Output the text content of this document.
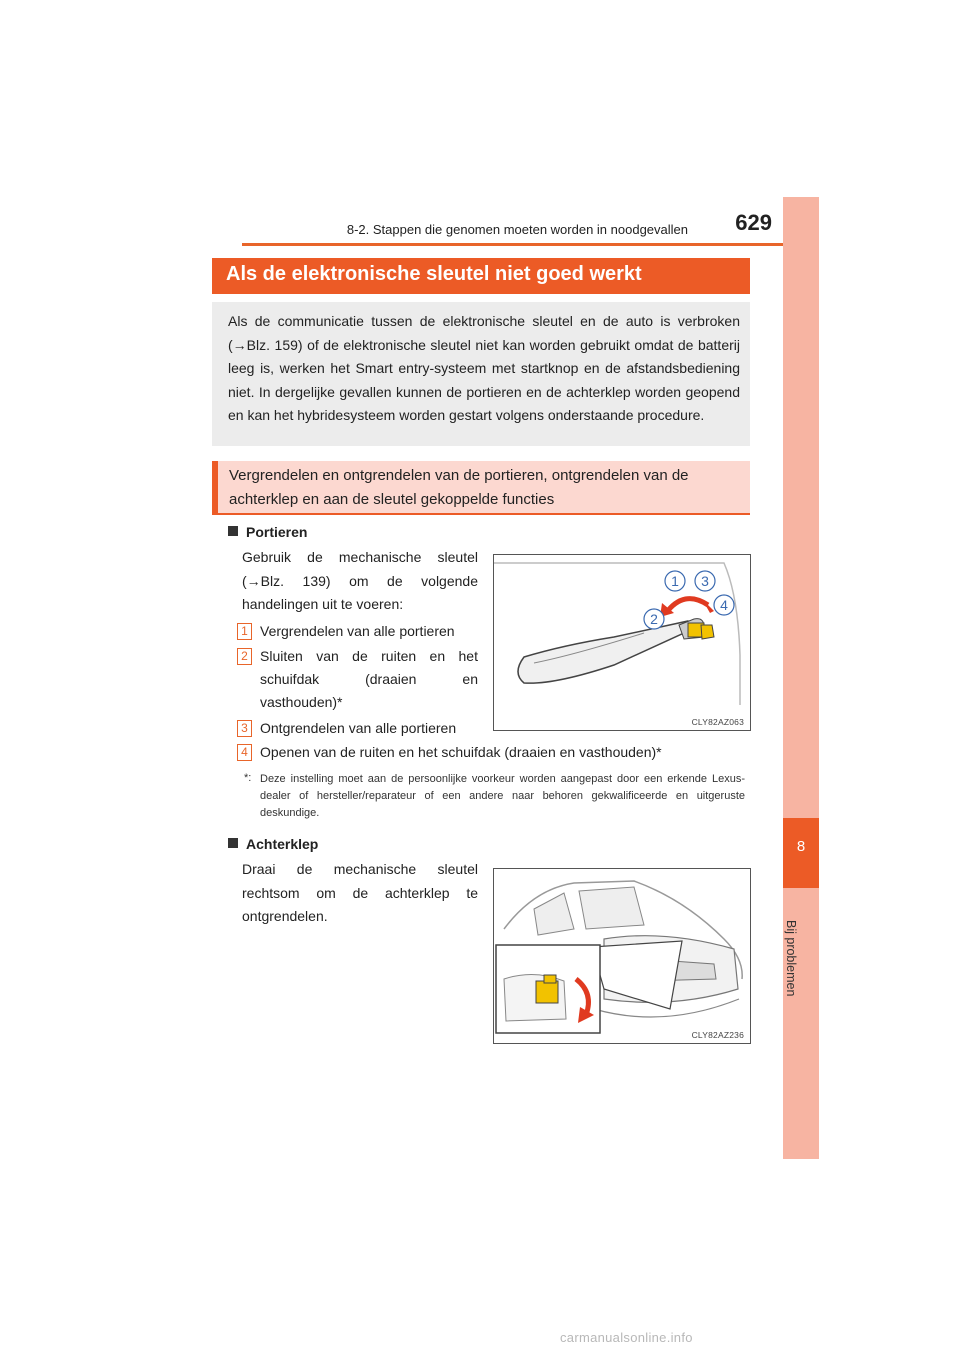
8-2. Stappen die genomen moeten worden in noodgevallen	629
8
Bij problemen
Als de elektronische sleutel niet goed werkt
Als de communicatie tussen de elektronische sleutel en de auto is verbroken (→Blz. 159) of de elektronische sleutel niet kan worden gebruikt omdat de batterij leeg is, werken het Smart entry-systeem met startknop en de afstandsbediening niet. In dergelijke gevallen kunnen de portieren en de achterklep worden geopend en kan het hybridesysteem worden gestart volgens onderstaande procedure.
Vergrendelen en ontgrendelen van de portieren, ontgrendelen van de achterklep en aan de sleutel gekoppelde functies
Portieren
Gebruik de mechanische sleutel (→Blz. 139) om de volgende handelingen uit te voeren:
1 Vergrendelen van alle portieren
2 Sluiten van de ruiten en het schuifdak (draaien en vasthouden)*
3 Ontgrendelen van alle portieren
4 Openen van de ruiten en het schuifdak (draaien en vasthouden)*
*: Deze instelling moet aan de persoonlijke voorkeur worden aangepast door een erkende Lexus-dealer of hersteller/reparateur of een andere naar behoren gekwalificeerde en uitgeruste deskundige.
1 3
2
4
CLY82AZ063
Achterklep
Draai de mechanische sleutel rechtsom om de achterklep te ontgrendelen.
CLY82AZ236
carmanualsonline.info
